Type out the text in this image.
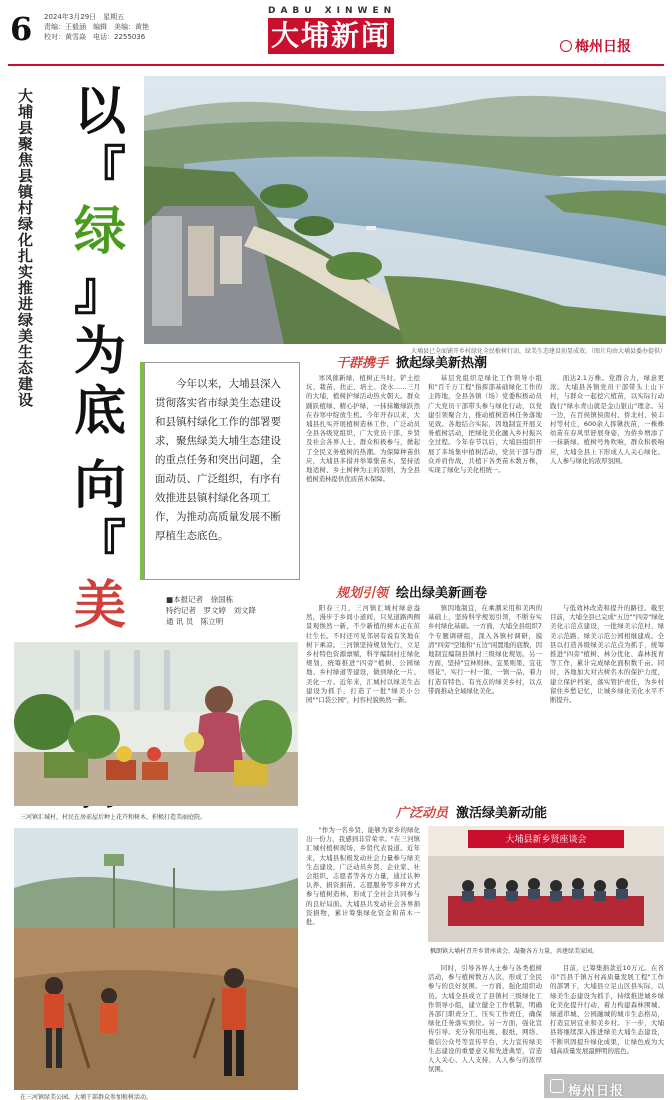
6 2024年3月29日　星期五
责编：王毅涵　编辑　美编：黄艳
校对：黄雪焱　电话：2255036
DABU XINWEN
大埔新闻	梅州日报
大埔县聚焦县镇村绿化扎实推进绿美生态建设 以『
绿
』为底
向『
美
大埔县已全面铺开乡村绿化全民植树行动，绿美生态建设初显成效。（图片均由大埔县委办提供）
今年以来，大埔县深入贯彻落实省市绿美生态建设和县镇村绿化工作的部署要求，聚焦绿美大埔生态建设的重点任务和突出问题，全面动员、广泛组织，有序有效推进县镇村绿化各项工作，为推动高质量发展不断厚植生态底色。
■本报记者　徐国栋
特约记者　罗文婷　刘文降
通 讯 员　陈立明
干群携手 掀起绿美新热潮
寒风催新绿，植树正当时。铲土挖坑、栽苗、扶正、培土、浇水……三月的大埔，植树护绿活动热火朝天。群众踊跃植绿、精心护绿，一抹抹嫩绿跃然在春寒中绽放生机。今年开春以来，大埔县扎实开展植树造林工作，广泛动员全县各级党组织、广大党员干部、乡贤及社会各界人士、群众积极参与，掀起了全民义务植树的热潮。为保障种苗供应，大埔县多措并举筹集苗木，坚持适地适树、乡土树种为主的原则，为全县植树造林提供优质苗木保障。
基层党组织是绿化工作领导小组和"百千万工程"指挥部基础绿化工作的主阵地，全县各镇（场）党委积极动员广大党员干部带头参与绿化行动，以党建引领聚合力，推动植树造林任务落地见效。各地结合实际，因地制宜开展义务植树活动，把绿化美化融入乡村振兴全过程。今年春节以后，大埔县组织开展了多场集中植树活动，党员干部与群众并肩作战，共植下各类苗木数万株，实现了绿化与美化相统一。
面达2.1万株。党群合力，绿意更浓。大埔县各镇党员干部带头上山下村，与群众一起挖穴植苗，以实际行动践行"绿水青山就是金山银山"理念。另一边，在百侯镇侯南村、侨北村、侯丰村等村庄，600余人挥锹扶苗，一株株幼苗在春风里舒展身姿，为侨乡增添了一抹新绿。植树号角吹响，群众积极响应，大埔全县上下形成人人关心绿化、人人参与绿化的浓厚氛围。
规划引领 绘出绿美新画卷
阳春三月，三河镇汇城村绿意盎然，漫步于乡间小道间，只见道路两侧景观焕然一新，不少新植的树木正在茁壮生长。不时还可见邻居有说有笑地在树下乘凉。三河镇坚持规划先行，立足乡村特色资源禀赋，科学编制村庄绿化规划，统筹推进"四旁"植树、公园绿地、乡村绿道等建设，做到绿化一片、美化一方。近年来，汇城村以绿美生态建设为抓手，打造了一批"绿美小公园""口袋公园"，村容村貌焕然一新。
镇因地制宜，在乘潮采用和美两的基础上，坚持科学规划引领，不断夯实乡村绿化基础。一方面，大埔全县组织7个专题调研组，深入各镇村调研，摸清"四旁"空地和"五边"闲置地的底数，因地制宜编制县镇村三级绿化规划。另一方面，坚持"宜林则林、宜果则果、宜花则花"，实行一村一策、一镇一品，着力打造有特色、有亮点的绿美乡村，以点带面推动全域绿化美化。
与低效林改造和提升的路径。截至目前，大埔全县已完成"五边""四旁"绿化美化示范点建设，一批绿美示范村、绿美示范路、绿美示范公园相继建成。全县以打造各级绿美示范点为抓手，统筹推进"四旁"植树、林分优化、森林抚育等工作，累计完成绿化面积数千亩。同时，各地加大对古树名木的保护力度，建立保护档案，落实管护责任，为乡村留住乡愁记忆，让城乡绿化美化水平不断提升。
广泛动员 激活绿美新动能
"作为一名乡贤，能够为家乡的绿化出一份力，我感到非常荣幸。"在三河镇汇城村植树现场，乡贤代表说道。近年来，大埔县积极发动社会力量参与绿美生态建设，广泛动员乡贤、企业家、社会组织、志愿者等各方力量，通过认种认养、捐资捐苗、志愿服务等多种方式参与植树造林，形成了全社会共同参与的良好局面。大埔县共发动社会各界捐资捐物，累计筹集绿化资金和苗木一批。
同时，引导各界人士参与各类植树活动，参与植树数万人次，形成了全民参与的良好氛围。一方面，强化组织动员。大埔全县成立了县镇村三级绿化工作领导小组，建立健全工作机制，明确各部门职责分工，压实工作责任，确保绿化任务落实到位。另一方面，强化宣传引导。充分利用电视、报纸、网络、微信公众号等宣传平台，大力宣传绿美生态建设的重要意义和先进典型，营造人人关心、人人支持、人人参与的浓厚氛围。
目前，已筹集捐款近10万元。在省市"百县千镇万村高质量发展工程"工作的部署下，大埔县立足山区县实际，以绿美生态建设为抓手，持续推进城乡绿化美化提升行动，着力构建森林围城、绿道串城、公园融城的城市生态格局，打造宜居宜业和美乡村。下一步，大埔县将继续深入推进绿美大埔生态建设，不断巩固提升绿化成果，让绿色成为大埔高质量发展最鲜明的底色。
三河镇汇城村，村民在房前屋后种上花卉和树木，积极打造美丽庭院。
在三河镇绿美公园，大埔干部群众参加植树活动。
大埔县新乡贤座谈会
枫朗镇大埔村召开乡贤座谈会，凝聚各方力量，共建绿美家园。
梅州日报
